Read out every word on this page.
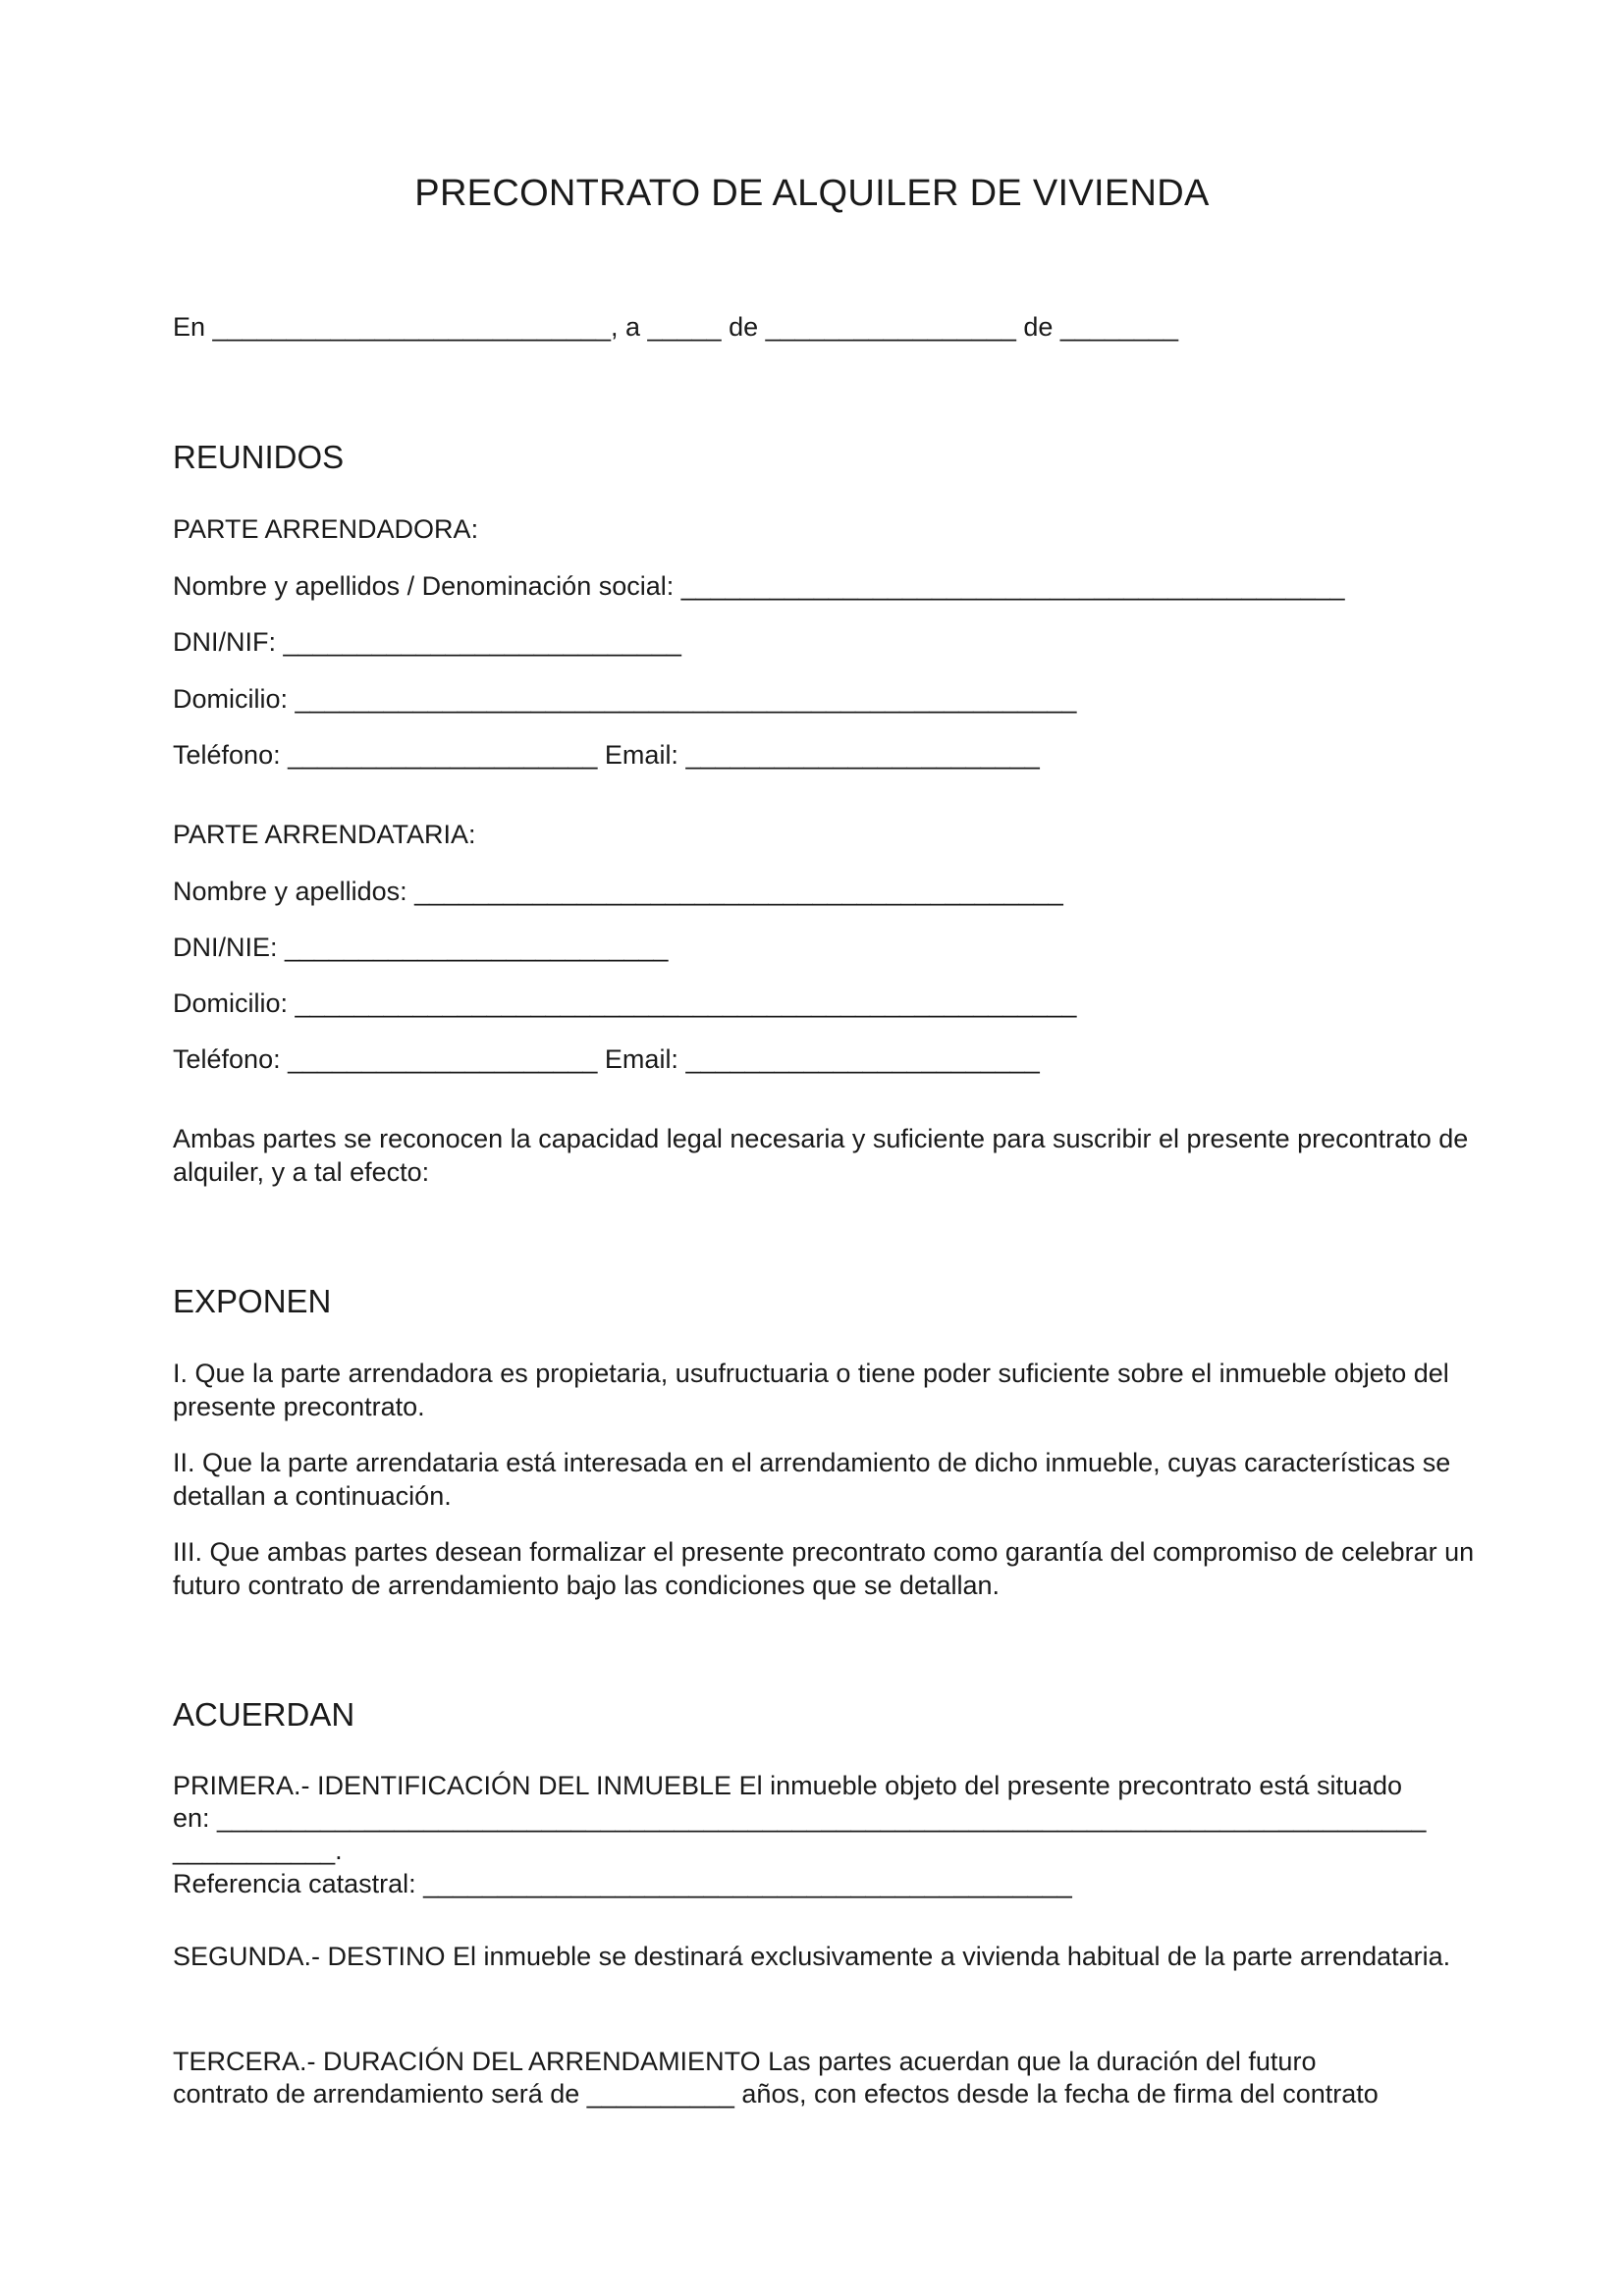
PRECONTRATO DE ALQUILER DE VIVIENDA
En ___________________________, a _____ de _________________ de ________
REUNIDOS
PARTE ARRENDADORA:
Nombre y apellidos / Denominación social: _____________________________________________
DNI/NIF: ___________________________
Domicilio: _____________________________________________________
Teléfono: _____________________ Email: ________________________
PARTE ARRENDATARIA:
Nombre y apellidos: ____________________________________________
DNI/NIE: __________________________
Domicilio: _____________________________________________________
Teléfono: _____________________ Email: ________________________
Ambas partes se reconocen la capacidad legal necesaria y suficiente para suscribir el presente precontrato de alquiler, y a tal efecto:
EXPONEN
I. Que la parte arrendadora es propietaria, usufructuaria o tiene poder suficiente sobre el inmueble objeto del presente precontrato.
II. Que la parte arrendataria está interesada en el arrendamiento de dicho inmueble, cuyas características se detallan a continuación.
III. Que ambas partes desean formalizar el presente precontrato como garantía del compromiso de celebrar un futuro contrato de arrendamiento bajo las condiciones que se detallan.
ACUERDAN
PRIMERA.- IDENTIFICACIÓN DEL INMUEBLE El inmueble objeto del presente precontrato está situado
en: __________________________________________________________________________________
___________.
Referencia catastral: ____________________________________________
SEGUNDA.- DESTINO El inmueble se destinará exclusivamente a vivienda habitual de la parte arrendataria.
TERCERA.- DURACIÓN DEL ARRENDAMIENTO Las partes acuerdan que la duración del futuro
contrato de arrendamiento será de __________ años, con efectos desde la fecha de firma del contrato
